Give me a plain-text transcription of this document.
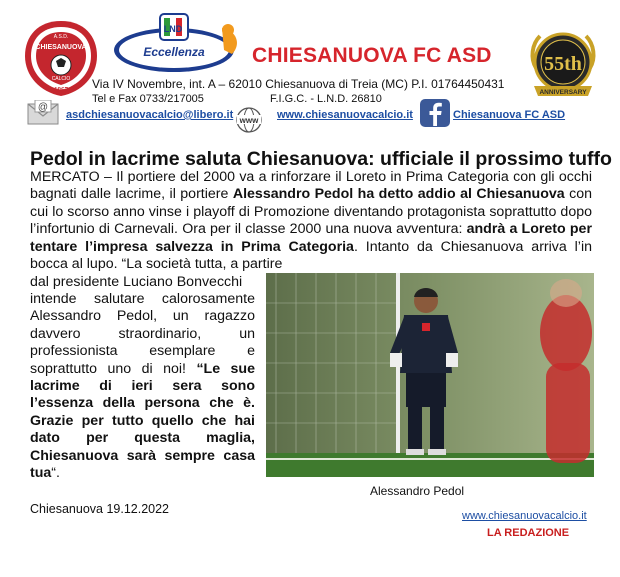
A.S.D.
CHIESANUOVA
CALCIO
1967
LND
Eccellenza CHIESANUOVA FC ASD	55th
ANNIVERSARY
Via IV Novembre, int. A – 62010 Chiesanuova di Treia (MC) P.I. 01764450431
Tel e Fax 0733/217005	F.I.G.C. - L.N.D. 26810
@
asdchiesanuovacalcio@libero.it www www.chiesanuovacalcio.it	Chiesanuova FC ASD
Pedol in lacrime saluta Chiesanuova: ufficiale il prossimo tuffo
MERCATO – Il portiere del 2000 va a rinforzare il Loreto in Prima Categoria con gli occhi bagnati dalle lacrime, il portiere Alessandro Pedol ha detto addio al Chiesanuova con cui lo scorso anno vinse i playoff di Promozione diventando protagonista soprattutto dopo l’infortunio di Carnevali. Ora per il classe 2000 una nuova avventura: andrà a Loreto per tentare l’impresa salvezza in Prima Categoria. Intanto da Chiesanuova arriva l’in bocca al lupo. “La società tutta, a partire
dal presidente Luciano Bonvecchi
intende salutare calorosamente Alessandro Pedol, un ragazzo davvero straordinario, un professionista esemplare e soprattutto uno di noi! “Le sue lacrime di ieri sera sono l’essenza della persona che è. Grazie per tutto quello che hai dato per questa maglia, Chiesanuova sarà sempre casa tua“.
Alessandro Pedol
Chiesanuova 19.12.2022	www.chiesanuovacalcio.it
LA REDAZIONE
